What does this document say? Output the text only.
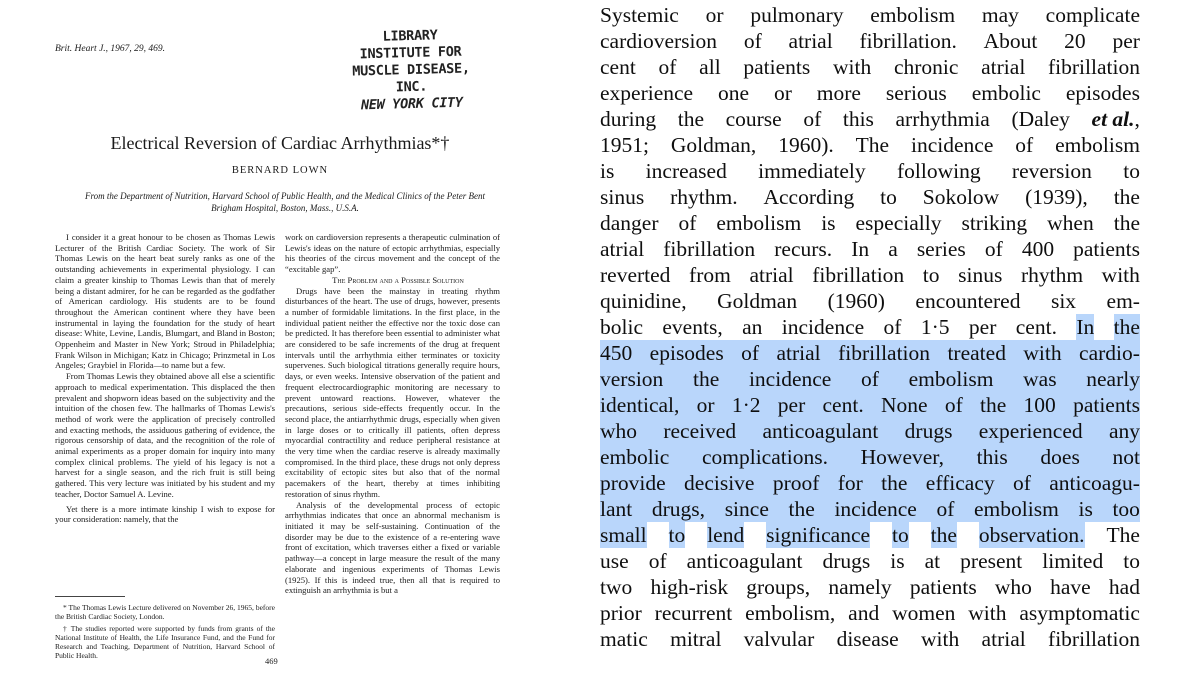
Brit. Heart J., 1967, 29, 469.
LIBRARY
INSTITUTE FOR
MUSCLE DISEASE, INC.
NEW YORK CITY
Electrical Reversion of Cardiac Arrhythmias*†
BERNARD LOWN
From the Department of Nutrition, Harvard School of Public Health, and the Medical Clinics of the Peter Bent Brigham Hospital, Boston, Mass., U.S.A.

I consider it a great honour to be chosen as Thomas Lewis Lecturer of the British Cardiac Society. The work of Sir Thomas Lewis on the heart beat surely ranks as one of the outstanding achievements in experimental physiology. I can claim a greater kinship to Thomas Lewis than that of merely being a distant admirer, for he can be regarded as the godfather of American cardiology. His students are to be found throughout the American continent where they have been instrumental in laying the foundation for the study of heart disease: White, Levine, Landis, Blumgart, and Bland in Boston; Oppenheim and Master in New York; Stroud in Philadelphia; Frank Wilson in Michigan; Katz in Chicago; Prinzmetal in Los Angeles; Graybiel in Florida—to name but a few.

From Thomas Lewis they obtained above all else a scientific approach to medical experimentation. This displaced the then prevalent and shopworn ideas based on the subjectivity and the intuition of the chosen few. The hallmarks of Thomas Lewis's method of work were the application of precisely controlled and exacting methods, the assiduous gathering of evidence, the rigorous censorship of data, and the recognition of the role of animal experiments as a proper domain for inquiry into many complex clinical problems. The yield of his legacy is not a harvest for a single season, and the rich fruit is still being gathered. This very lecture was initiated by his student and my teacher, Doctor Samuel A. Levine.

Yet there is a more intimate kinship I wish to expose for your consideration: namely, that the

work on cardioversion represents a therapeutic culmination of Lewis's ideas on the nature of ectopic arrhythmias, especially his theories of the circus movement and the concept of the “excitable gap”.

The Problem and a Possible Solution

Drugs have been the mainstay in treating rhythm disturbances of the heart. The use of drugs, however, presents a number of formidable limitations. In the first place, in the individual patient neither the effective nor the toxic dose can be predicted. It has therefore been essential to administer what are considered to be safe increments of the drug at frequent intervals until the arrhythmia either terminates or toxicity supervenes. Such biological titrations generally require hours, days, or even weeks. Intensive observation of the patient and frequent electrocardiographic monitoring are necessary to prevent untoward reactions. However, whatever the precautions, serious side-effects frequently occur. In the second place, the antiarrhythmic drugs, especially when given in large doses or to critically ill patients, often depress myocardial contractility and reduce peripheral resistance at the very time when the cardiac reserve is already maximally compromised. In the third place, these drugs not only depress excitability of ectopic sites but also that of the normal pacemakers of the heart, thereby at times inhibiting restoration of sinus rhythm.

Analysis of the developmental process of ectopic arrhythmias indicates that once an abnormal mechanism is initiated it may be self-sustaining. Continuation of the disorder may be due to the existence of a re-entering wave front of excitation, which traverses either a fixed or variable pathway—a concept in large measure the result of the many elaborate and ingenious experiments of Thomas Lewis (1925). If this is indeed true, then all that is required to extinguish an arrhythmia is but a

* The Thomas Lewis Lecture delivered on November 26, 1965, before the British Cardiac Society, London.

† The studies reported were supported by funds from grants of the National Institute of Health, the Life Insurance Fund, and the Fund for Research and Teaching, Department of Nutrition, Harvard School of Public Health.

469
Systemic or pulmonary embolism may complicate
cardioversion of atrial fibrillation. About 20 per
cent of all patients with chronic atrial fibrillation
experience one or more serious embolic episodes
during the course of this arrhythmia (Daley et al.,
1951; Goldman, 1960). The incidence of embolism
is increased immediately following reversion to
sinus rhythm. According to Sokolow (1939), the
danger of embolism is especially striking when the
atrial fibrillation recurs. In a series of 400 patients
reverted from atrial fibrillation to sinus rhythm with
quinidine, Goldman (1960) encountered six em-
bolic events, an incidence of 1·5 per cent. In the
450 episodes of atrial fibrillation treated with cardio-
version the incidence of embolism was nearly
identical, or 1·2 per cent. None of the 100 patients
who received anticoagulant drugs experienced any
embolic complications. However, this does not
provide decisive proof for the efficacy of anticoagu-
lant drugs, since the incidence of embolism is too
small to lend significance to the observation. The
use of anticoagulant drugs is at present limited to
two high-risk groups, namely patients who have had
prior recurrent embolism, and women with asymptomatic
matic mitral valvular disease with atrial fibrillation
